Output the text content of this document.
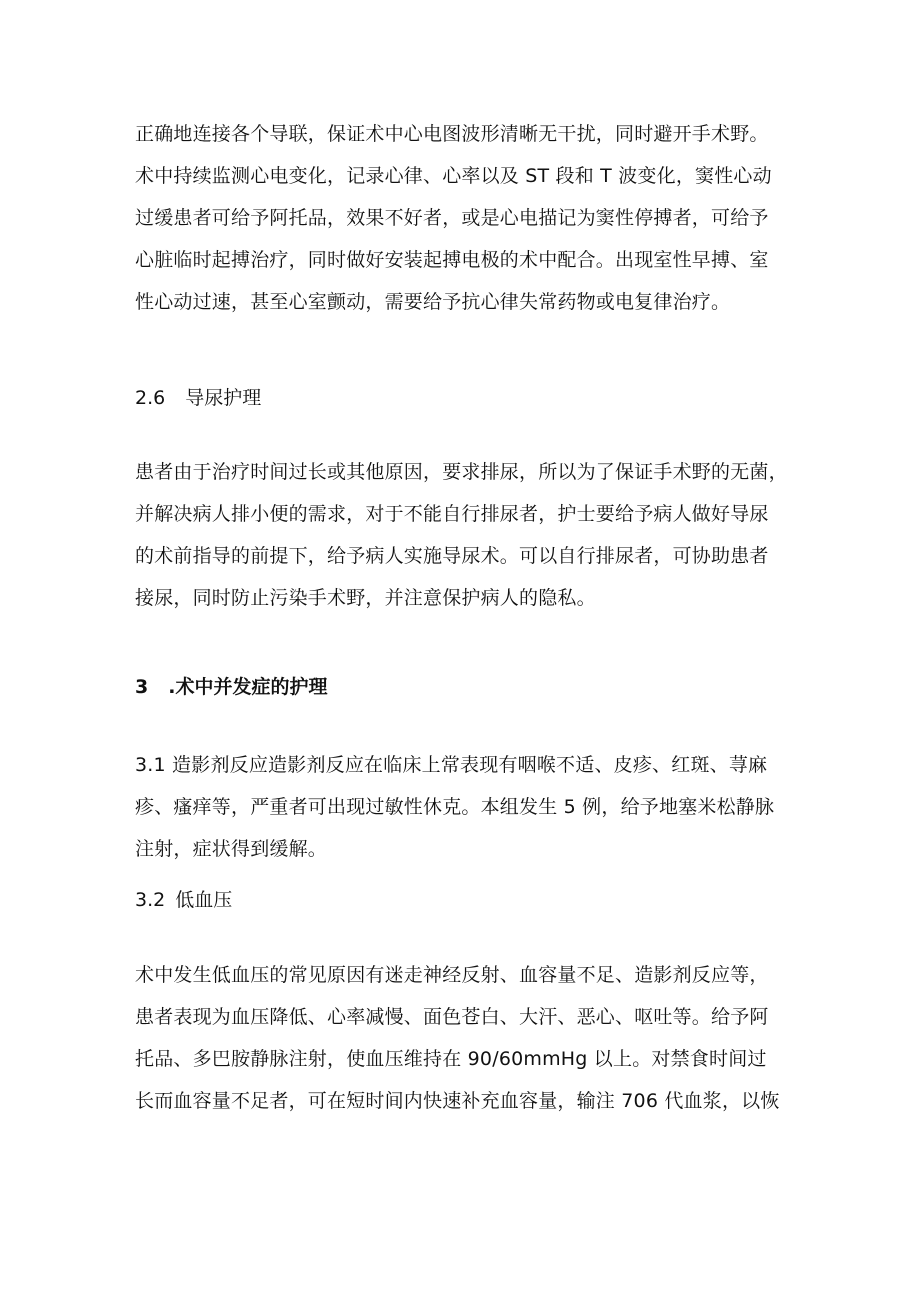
正确地连接各个导联，保证术中心电图波形清晰无干扰，同时避开手术野。

术中持续监测心电变化，记录心律、心率以及 ST 段和 T 波变化，窦性心动

过缓患者可给予阿托品，效果不好者，或是心电描记为窦性停搏者，可给予

心脏临时起搏治疗，同时做好安装起搏电极的术中配合。出现室性早搏、室

性心动过速，甚至心室颤动，需要给予抗心律失常药物或电复律治疗。

2.6 导尿护理

患者由于治疗时间过长或其他原因，要求排尿，所以为了保证手术野的无菌，

并解决病人排小便的需求，对于不能自行排尿者，护士要给予病人做好导尿

的术前指导的前提下，给予病人实施导尿术。可以自行排尿者，可协助患者

接尿，同时防止污染手术野，并注意保护病人的隐私。

3 .术中并发症的护理

3.1 造影剂反应造影剂反应在临床上常表现有咽喉不适、皮疹、红斑、荨麻

疹、瘙痒等，严重者可出现过敏性休克。本组发生 5 例，给予地塞米松静脉

注射，症状得到缓解。

3.2 低血压

术中发生低血压的常见原因有迷走神经反射、血容量不足、造影剂反应等，

患者表现为血压降低、心率减慢、面色苍白、大汗、恶心、呕吐等。给予阿

托品、多巴胺静脉注射，使血压维持在 90∕60mmHg 以上。对禁食时间过

长而血容量不足者，可在短时间内快速补充血容量，输注 706 代血浆，以恢
